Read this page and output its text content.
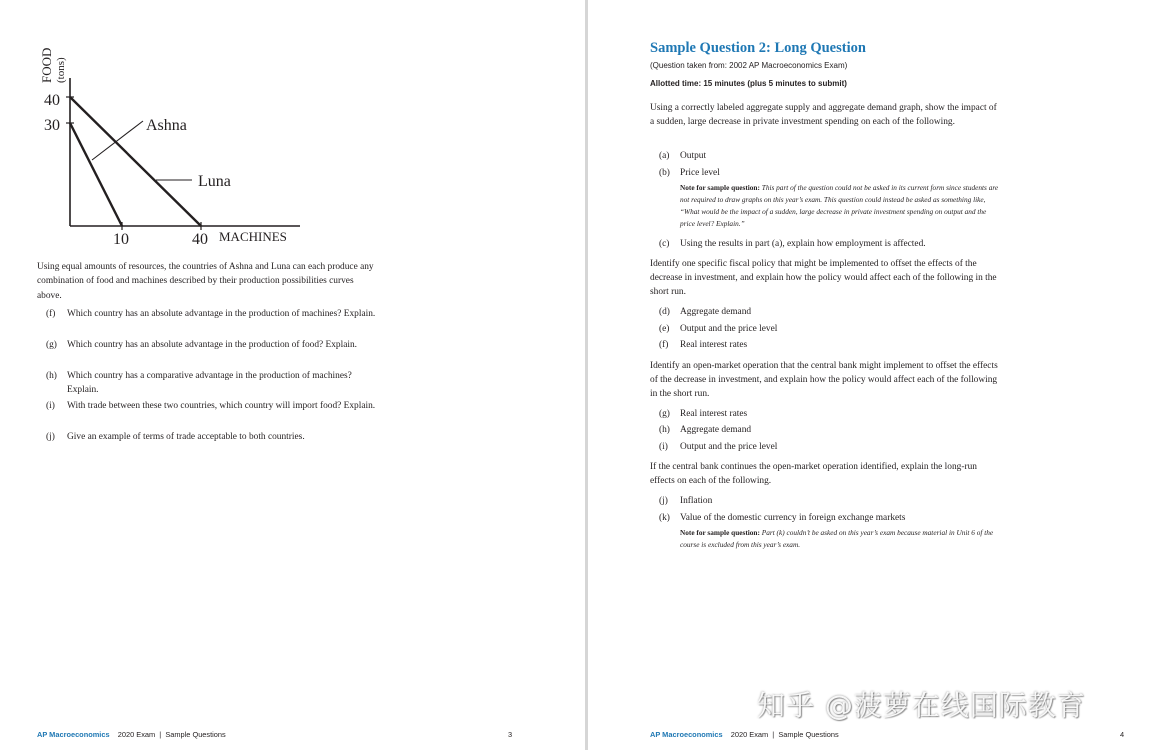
40
30
10	40 MACHINES
Ashna
Luna
FOOD (tons)
Using equal amounts of resources, the countries of Ashna and Luna can each produce any combination of food and machines described by their production possibilities curves above.
(f) Which country has an absolute advantage in the production of machines? Explain.
(g) Which country has an absolute advantage in the production of food? Explain.
(h) Which country has a comparative advantage in the production of machines? Explain.
(i) With trade between these two countries, which country will import food? Explain.
(j) Give an example of terms of trade acceptable to both countries.
AP Macroeconomics 2020 Exam | Sample Questions	3
Sample Question 2: Long Question
(Question taken from: 2002 AP Macroeconomics Exam)
Allotted time: 15 minutes (plus 5 minutes to submit)
Using a correctly labeled aggregate supply and aggregate demand graph, show the impact of a sudden, large decrease in private investment spending on each of the following.
(a) Output
(b) Price level
Note for sample question: This part of the question could not be asked in its current form since students are not required to draw graphs on this year’s exam. This question could instead be asked as something like, “What would be the impact of a sudden, large decrease in private investment spending on output and the price level? Explain.”
(c) Using the results in part (a), explain how employment is affected.
Identify one specific fiscal policy that might be implemented to offset the effects of the decrease in investment, and explain how the policy would affect each of the following in the short run.
(d) Aggregate demand
(e) Output and the price level
(f) Real interest rates
Identify an open-market operation that the central bank might implement to offset the effects of the decrease in investment, and explain how the policy would affect each of the following in the short run.
(g) Real interest rates
(h) Aggregate demand
(i) Output and the price level
If the central bank continues the open-market operation identified, explain the long-run effects on each of the following.
(j) Inflation
(k) Value of the domestic currency in foreign exchange markets
Note for sample question: Part (k) couldn’t be asked on this year’s exam because material in Unit 6 of the course is excluded from this year’s exam.
AP Macroeconomics 2020 Exam | Sample Questions	4
知乎 @菠萝在线国际教育
